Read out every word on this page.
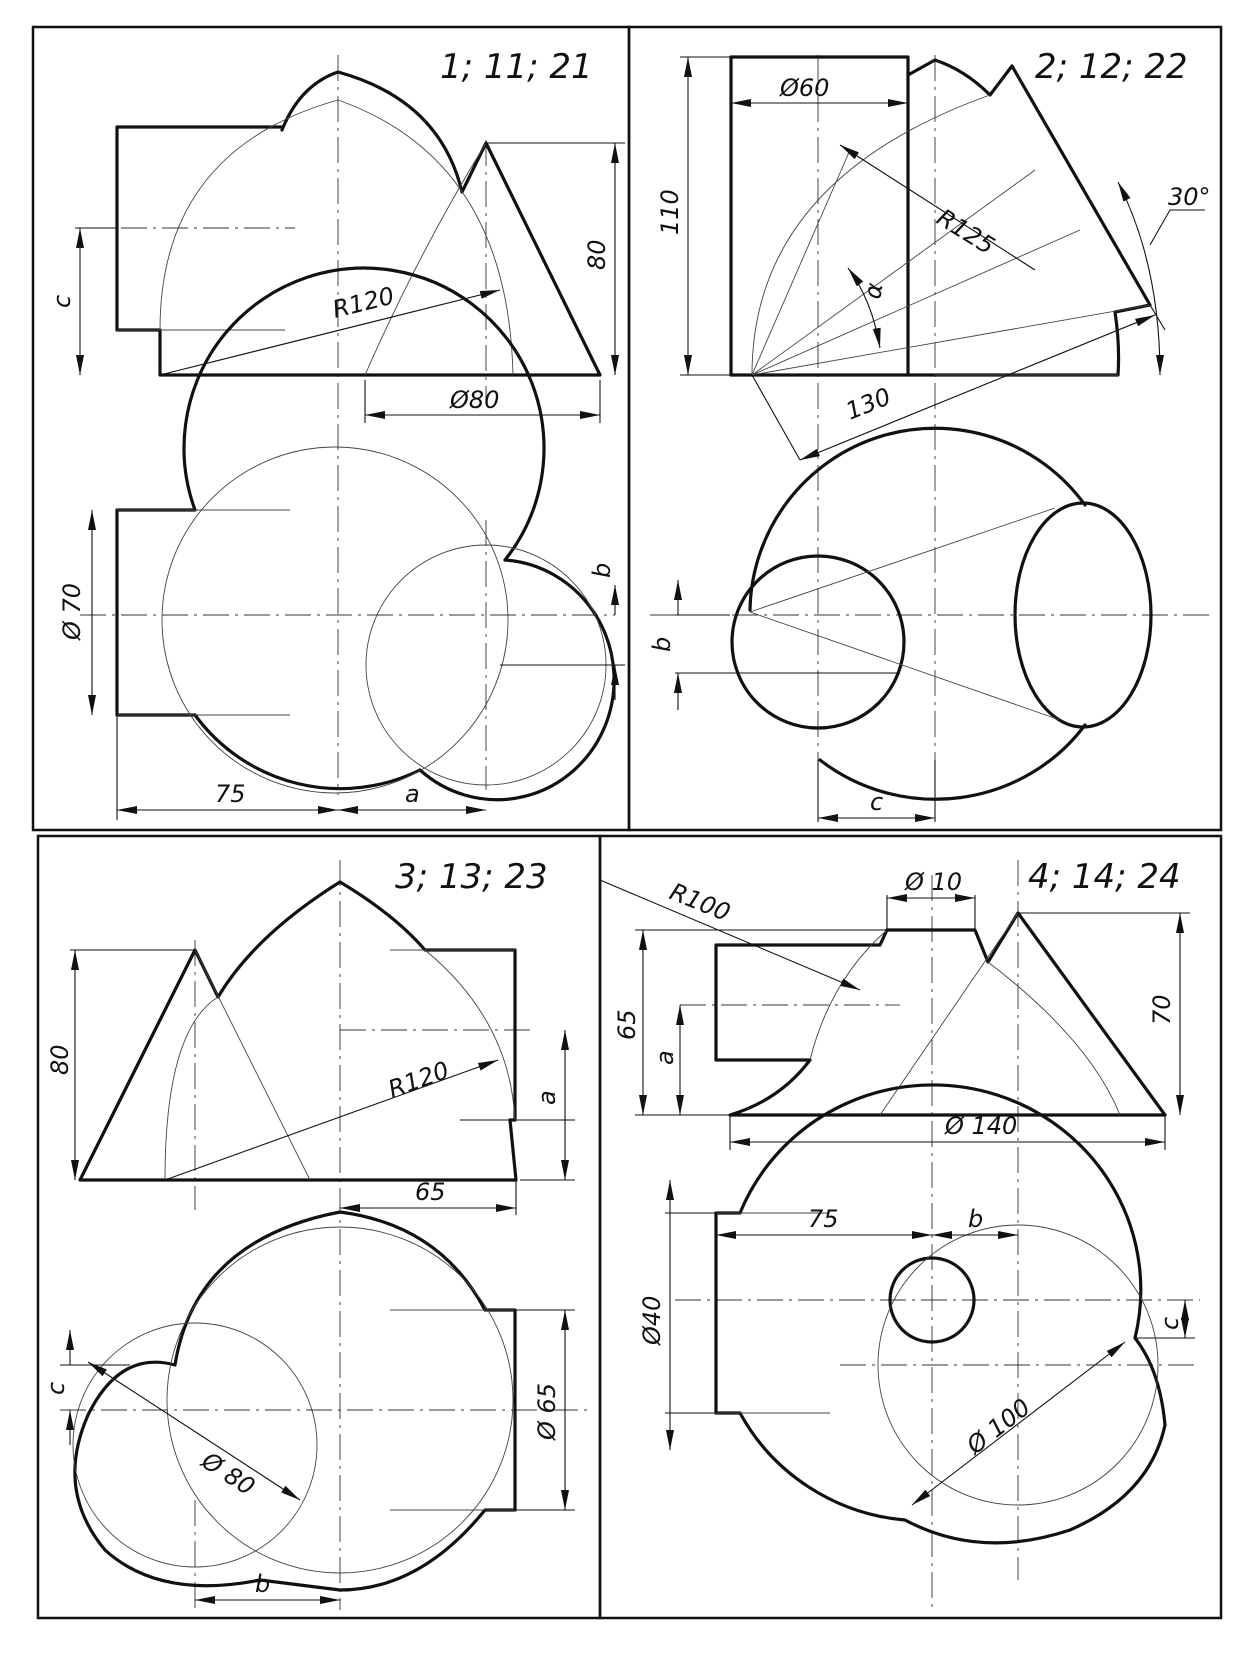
1; 11; 21
R120
Ø80
80
c
Ø 70
b
75	a
2; 12; 22
Ø60
110	R125
α
30°
130
b
c
3; 13; 23
80	R120	a
65
Ø 65
Ø 80
c
b
4; 14; 24
R100	Ø 10
65
a
70
Ø 140
75	b
Ø40
Ø 100
c
